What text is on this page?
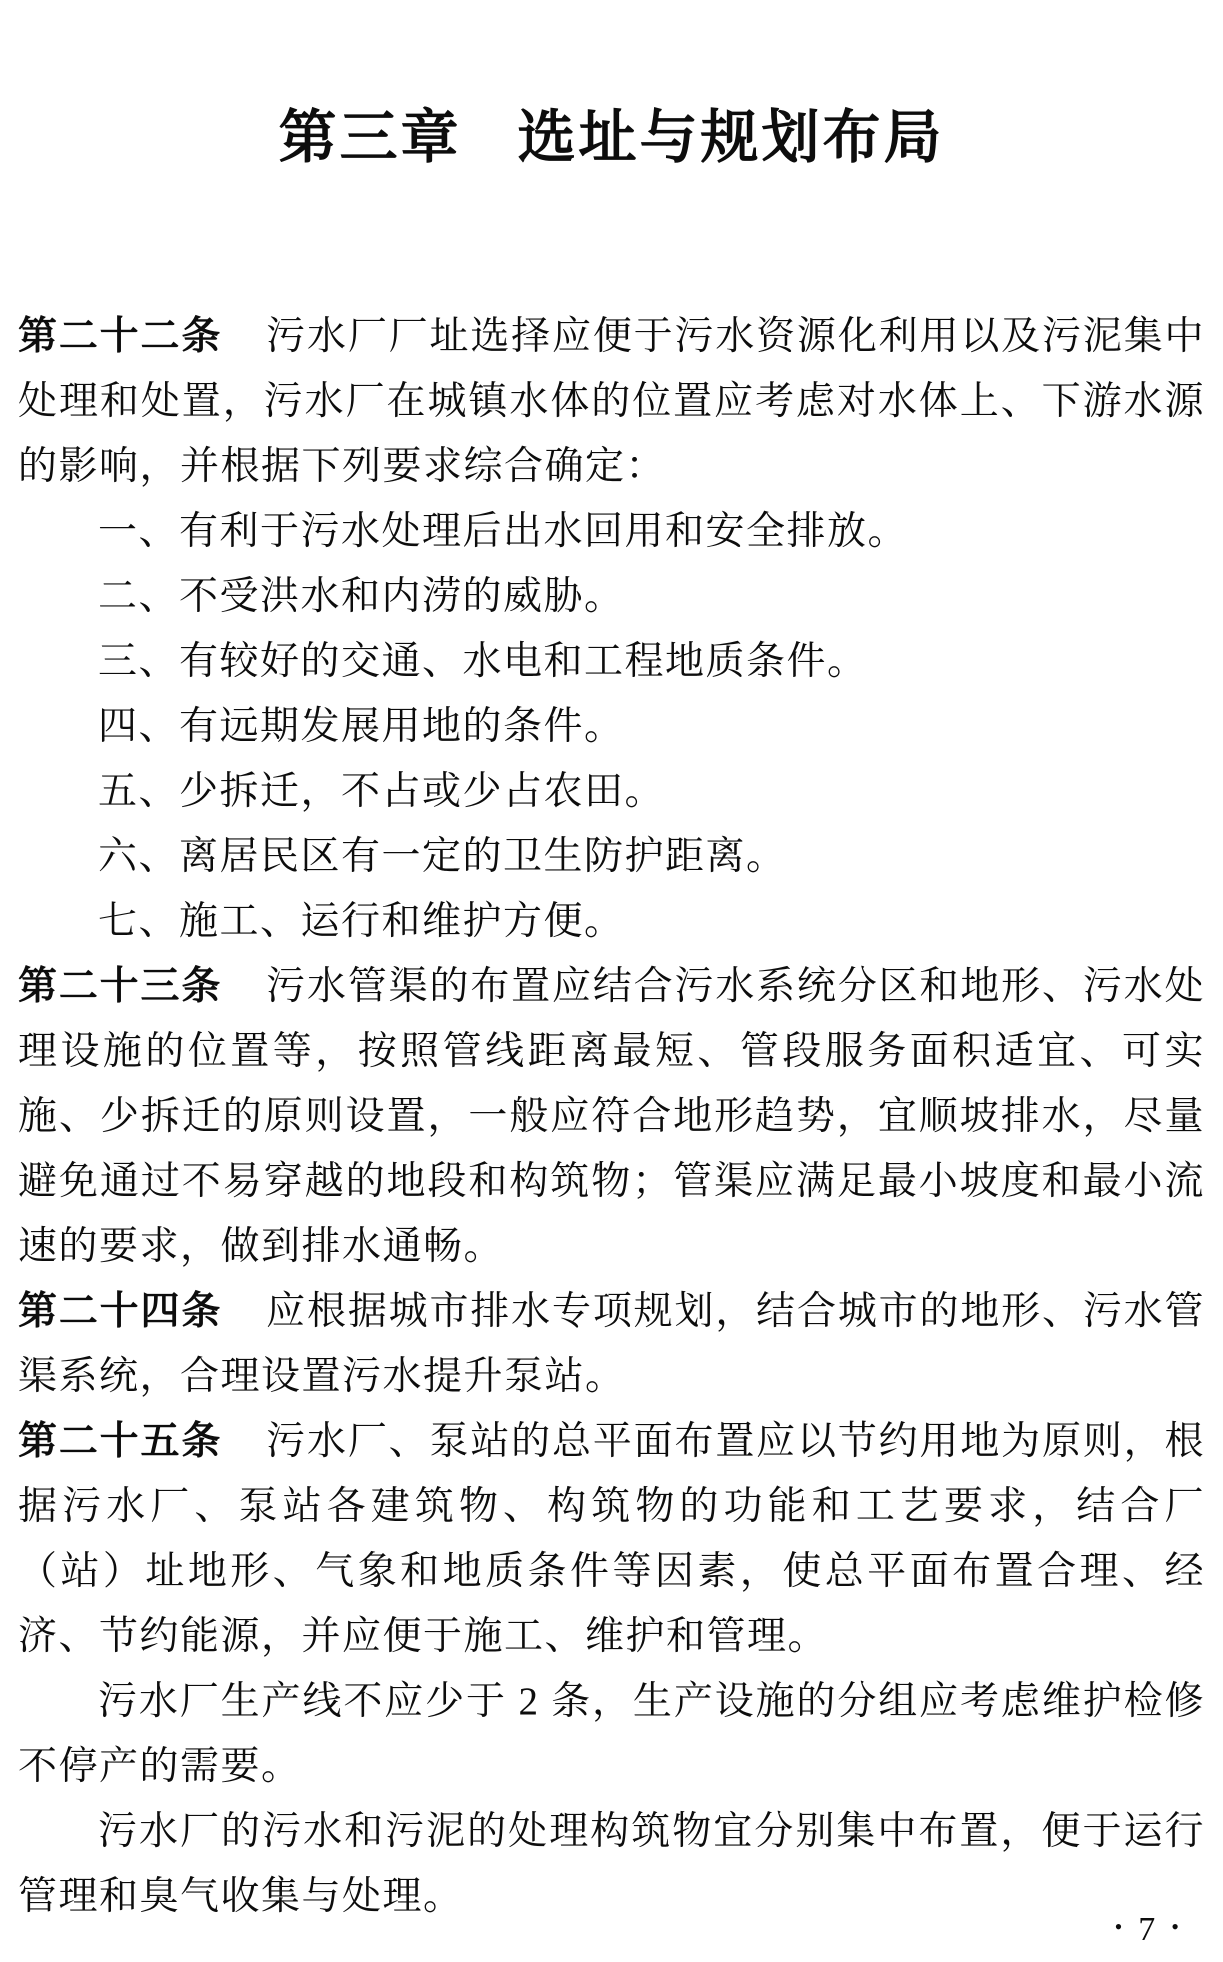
第三章 选址与规划布局
第二十二条 污水厂厂址选择应便于污水资源化利用以及污泥集中处理和处置，污水厂在城镇水体的位置应考虑对水体上、下游水源的影响，并根据下列要求综合确定：
一、有利于污水处理后出水回用和安全排放。
二、不受洪水和内涝的威胁。
三、有较好的交通、水电和工程地质条件。
四、有远期发展用地的条件。
五、少拆迁，不占或少占农田。
六、离居民区有一定的卫生防护距离。
七、施工、运行和维护方便。
第二十三条 污水管渠的布置应结合污水系统分区和地形、污水处理设施的位置等，按照管线距离最短、管段服务面积适宜、可实施、少拆迁的原则设置，一般应符合地形趋势，宜顺坡排水，尽量避免通过不易穿越的地段和构筑物；管渠应满足最小坡度和最小流速的要求，做到排水通畅。
第二十四条 应根据城市排水专项规划，结合城市的地形、污水管渠系统，合理设置污水提升泵站。
第二十五条 污水厂、泵站的总平面布置应以节约用地为原则，根据污水厂、泵站各建筑物、构筑物的功能和工艺要求，结合厂（站）址地形、气象和地质条件等因素，使总平面布置合理、经济、节约能源，并应便于施工、维护和管理。
污水厂生产线不应少于 2 条，生产设施的分组应考虑维护检修不停产的需要。
污水厂的污水和污泥的处理构筑物宜分别集中布置，便于运行管理和臭气收集与处理。
• 7 •
